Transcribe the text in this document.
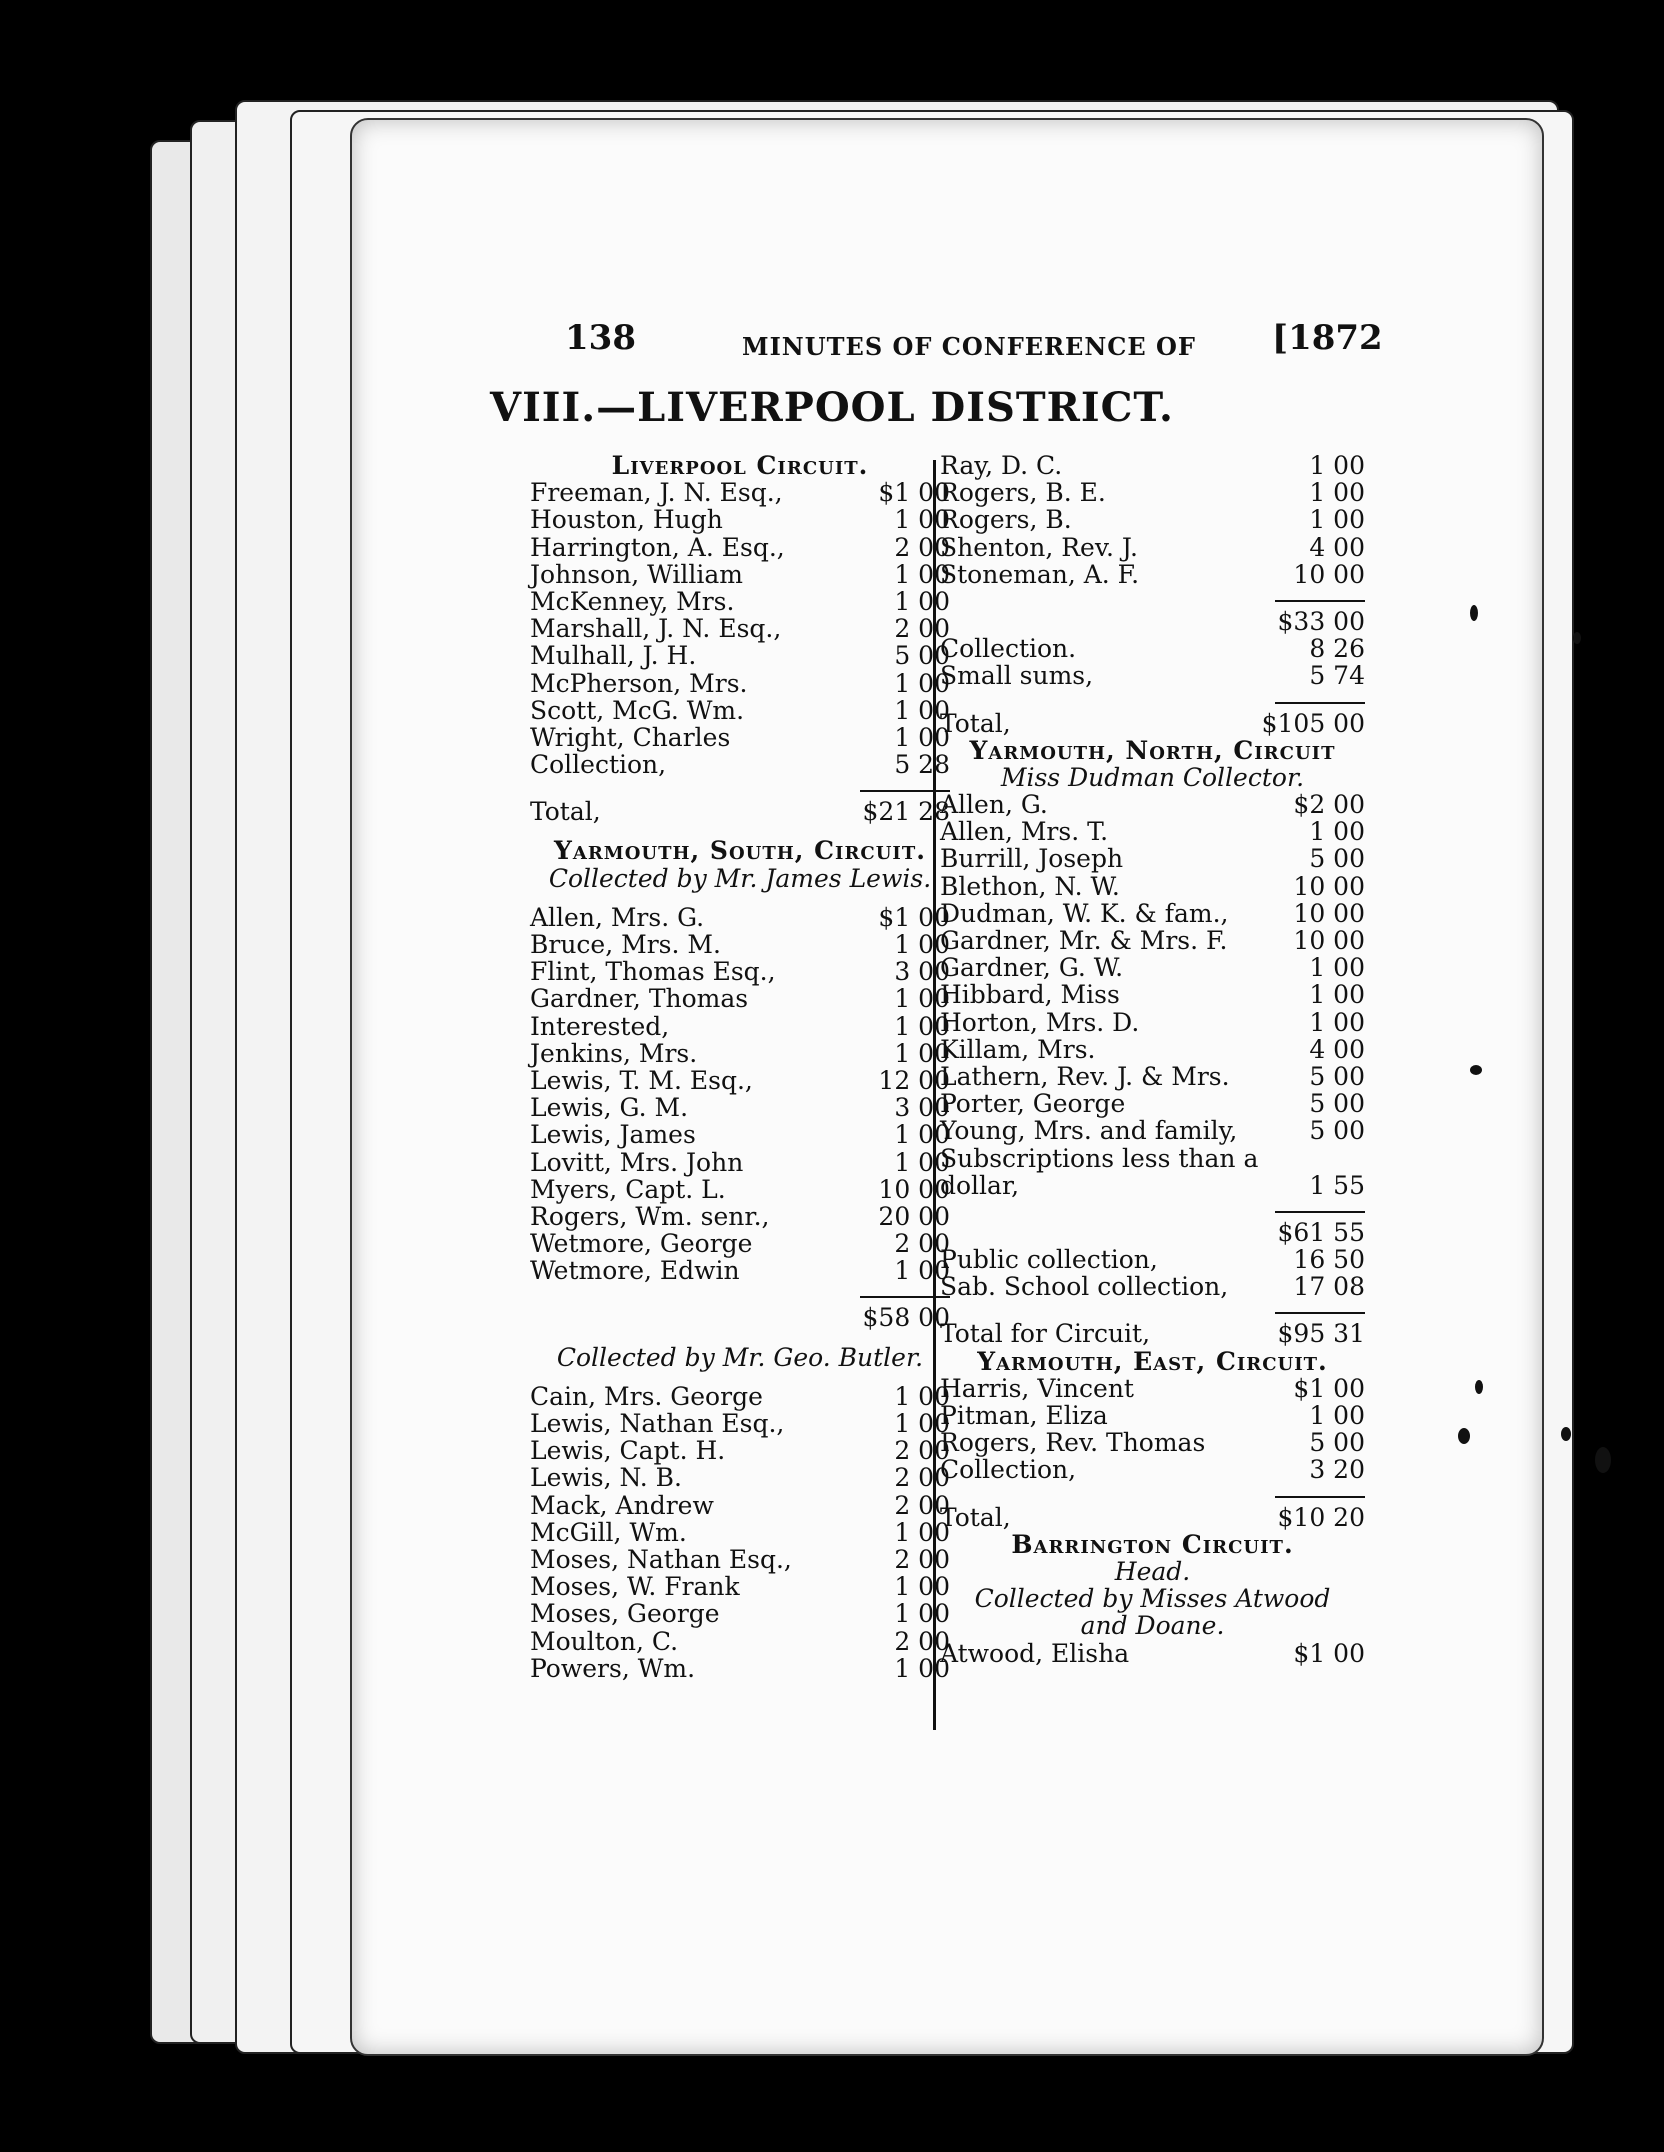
138	MINUTES OF CONFERENCE OF [1872
VIII.—LIVERPOOL DISTRICT.
Liverpool Circuit.
Freeman, J. N. Esq.,	$1 00
Houston, Hugh	1 00
Harrington, A. Esq.,	2 00
Johnson, William	1 00
McKenney, Mrs.	1 00
Marshall, J. N. Esq.,	2 00
Mulhall, J. H.	5 00
McPherson, Mrs.	1 00
Scott, McG. Wm.	1 00
Wright, Charles	1 00
Collection,	5 28
Total,	$21 28
Yarmouth, South, Circuit.
Collected by Mr. James Lewis.
Allen, Mrs. G.	$1 00
Bruce, Mrs. M.	1 00
Flint, Thomas Esq.,	3 00
Gardner, Thomas	1 00
Interested,	1 00
Jenkins, Mrs.	1 00
Lewis, T. M. Esq.,	12 00
Lewis, G. M.	3 00
Lewis, James	1 00
Lovitt, Mrs. John	1 00
Myers, Capt. L.	10 00
Rogers, Wm. senr.,	20 00
Wetmore, George	2 00
Wetmore, Edwin	1 00
$58 00
Collected by Mr. Geo. Butler.
Cain, Mrs. George	1 00
Lewis, Nathan Esq.,	1 00
Lewis, Capt. H.	2 00
Lewis, N. B.	2 00
Mack, Andrew	2 00
McGill, Wm.	1 00
Moses, Nathan Esq.,	2 00
Moses, W. Frank	1 00
Moses, George	1 00
Moulton, C.	2 00
Powers, Wm.	1 00
Ray, D. C.	1 00
Rogers, B. E.	1 00
Rogers, B.	1 00
Shenton, Rev. J.	4 00
Stoneman, A. F.	10 00
$33 00
Collection.	8 26
Small sums,	5 74
Total,	$105 00
Yarmouth, North, Circuit
Miss Dudman Collector.
Allen, G.	$2 00
Allen, Mrs. T.	1 00
Burrill, Joseph	5 00
Blethon, N. W.	10 00
Dudman, W. K. & fam.,	10 00
Gardner, Mr. & Mrs. F.	10 00
Gardner, G. W.	1 00
Hibbard, Miss	1 00
Horton, Mrs. D.	1 00
Killam, Mrs.	4 00
Lathern, Rev. J. & Mrs.	5 00
Porter, George	5 00
Young, Mrs. and family,	5 00
Subscriptions less than a
dollar,	1 55
$61 55
Public collection,	16 50
Sab. School collection,	17 08
Total for Circuit,	$95 31
Yarmouth, East, Circuit.
Harris, Vincent	$1 00
Pitman, Eliza	1 00
Rogers, Rev. Thomas	5 00
Collection,	3 20
Total,	$10 20
Barrington Circuit.
Head.
Collected by Misses Atwood
and Doane.
Atwood, Elisha	$1 00
